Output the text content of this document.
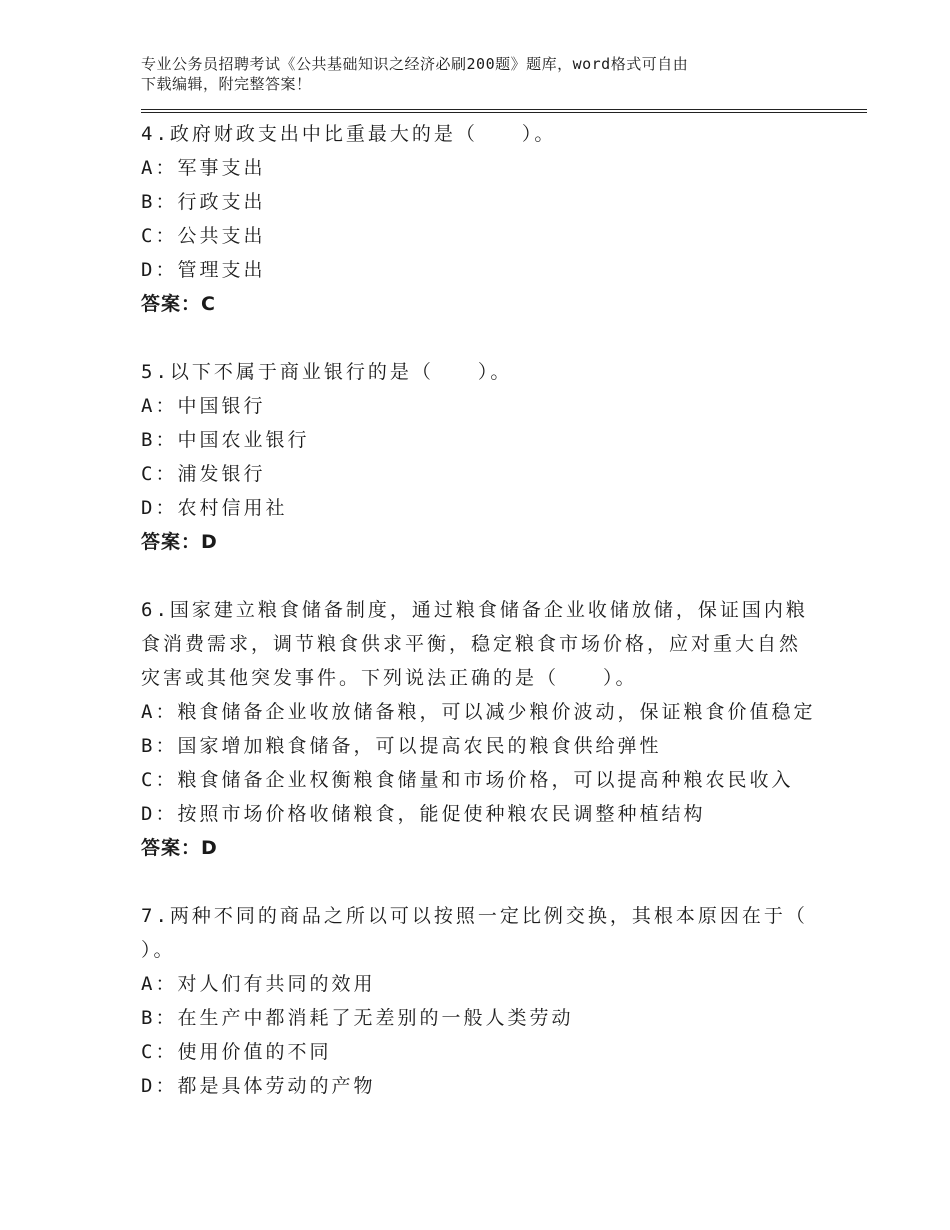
专业公务员招聘考试《公共基础知识之经济必刷200题》题库，word格式可自由
下载编辑，附完整答案！
4.政府财政支出中比重最大的是（　　）。
A：军事支出
B：行政支出
C：公共支出
D：管理支出
答案：C
5.以下不属于商业银行的是（　　）。
A：中国银行
B：中国农业银行
C：浦发银行
D：农村信用社
答案：D
6.国家建立粮食储备制度，通过粮食储备企业收储放储，保证国内粮
食消费需求，调节粮食供求平衡，稳定粮食市场价格，应对重大自然
灾害或其他突发事件。下列说法正确的是（　　）。
A：粮食储备企业收放储备粮，可以减少粮价波动，保证粮食价值稳定
B：国家增加粮食储备，可以提高农民的粮食供给弹性
C：粮食储备企业权衡粮食储量和市场价格，可以提高种粮农民收入
D：按照市场价格收储粮食，能促使种粮农民调整种植结构
答案：D
7.两种不同的商品之所以可以按照一定比例交换，其根本原因在于（
）。
A：对人们有共同的效用
B：在生产中都消耗了无差别的一般人类劳动
C：使用价值的不同
D：都是具体劳动的产物
